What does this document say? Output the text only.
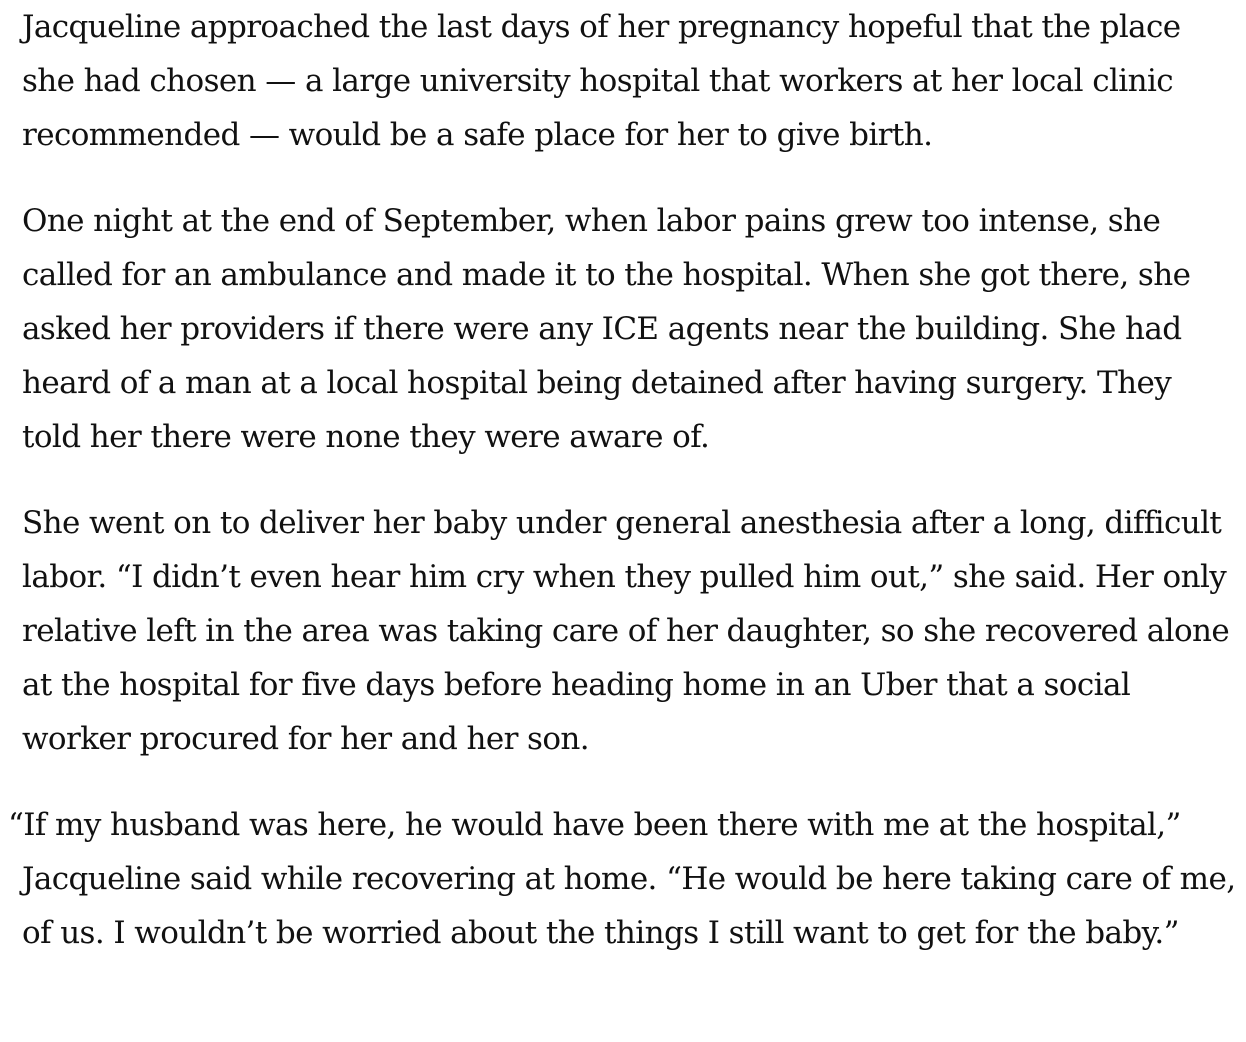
Jacqueline approached the last days of her pregnancy hopeful that the place she had chosen — a large university hospital that workers at her local clinic recommended — would be a safe place for her to give birth.

One night at the end of September, when labor pains grew too intense, she called for an ambulance and made it to the hospital. When she got there, she asked her providers if there were any ICE agents near the building. She had heard of a man at a local hospital being detained after having surgery. They told her there were none they were aware of.

She went on to deliver her baby under general anesthesia after a long, difficult labor. “I didn’t even hear him cry when they pulled him out,” she said. Her only relative left in the area was taking care of her daughter, so she recovered alone at the hospital for five days before heading home in an Uber that a social worker procured for her and her son.

“If my husband was here, he would have been there with me at the hospital,” Jacqueline said while recovering at home. “He would be here taking care of me, of us. I wouldn’t be worried about the things I still want to get for the baby.”
